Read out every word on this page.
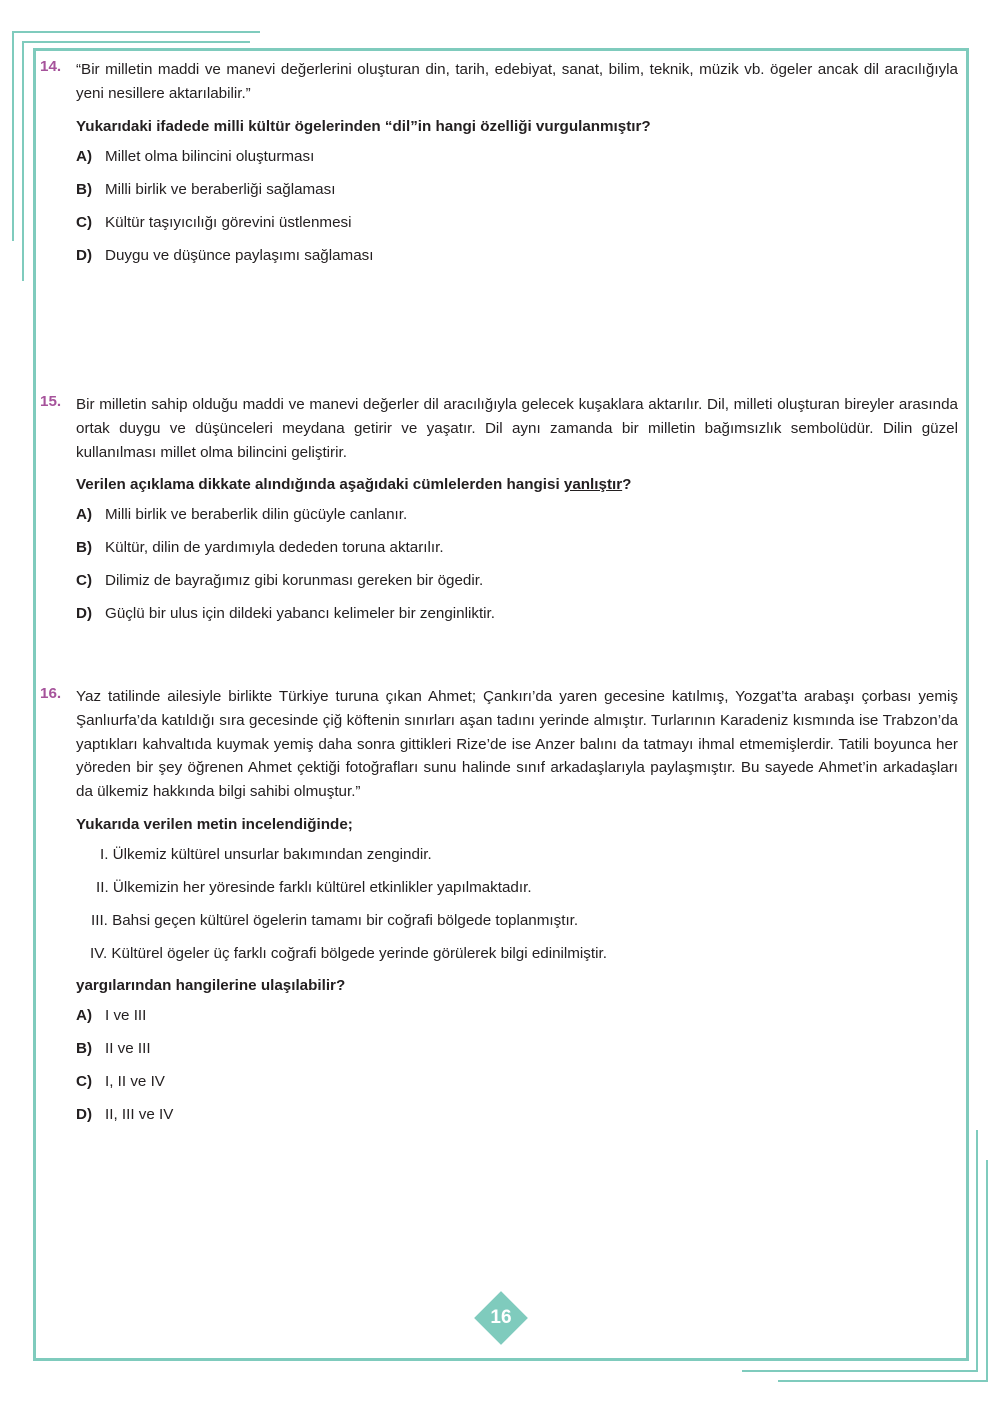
14. “Bir milletin maddi ve manevi değerlerini oluşturan din, tarih, edebiyat, sanat, bilim, teknik, müzik vb. ögeler ancak dil aracılığıyla yeni nesillere aktarılabilir.”
Yukarıdaki ifadede milli kültür ögelerinden “dil”in hangi özelliği vurgulanmıştır?
A) Millet olma bilincini oluşturması
B) Milli birlik ve beraberliği sağlaması
C) Kültür taşıyıcılığı görevini üstlenmesi
D) Duygu ve düşünce paylaşımı sağlaması
15. Bir milletin sahip olduğu maddi ve manevi değerler dil aracılığıyla gelecek kuşaklara aktarılır. Dil, milleti oluşturan bireyler arasında ortak duygu ve düşünceleri meydana getirir ve yaşatır. Dil aynı zamanda bir milletin bağımsızlık sembolüdür. Dilin güzel kullanılması millet olma bilincini geliştirir.
Verilen açıklama dikkate alındığında aşağıdaki cümlelerden hangisi yanlıştır?
A) Milli birlik ve beraberlik dilin gücüyle canlanır.
B) Kültür, dilin de yardımıyla dededen toruna aktarılır.
C) Dilimiz de bayrağımız gibi korunması gereken bir ögedir.
D) Güçlü bir ulus için dildeki yabancı kelimeler bir zenginliktir.
16. Yaz tatilinde ailesiyle birlikte Türkiye turuna çıkan Ahmet; Çankırı’da yaren gecesine katılmış, Yozgat’ta arabaşı çorbası yemiş Şanlıurfa’da katıldığı sıra gecesinde çiğ köftenin sınırları aşan tadını yerinde almıştır. Turlarının Karadeniz kısmında ise Trabzon’da yaptıkları kahvaltıda kuymak yemiş daha sonra gittikleri Rize’de ise Anzer balını da tatmayı ihmal etmemişlerdir. Tatili boyunca her yöreden bir şey öğrenen Ahmet çektiği fotoğrafları sunu halinde sınıf arkadaşlarıyla paylaşmıştır. Bu sayede Ahmet’in arkadaşları da ülkemiz hakkında bilgi sahibi olmuştur.”
Yukarıda verilen metin incelendiğinde;
I. Ülkemiz kültürel unsurlar bakımından zengindir.
II. Ülkemizin her yöresinde farklı kültürel etkinlikler yapılmaktadır.
III. Bahsi geçen kültürel ögelerin tamamı bir coğrafi bölgede toplanmıştır.
IV. Kültürel ögeler üç farklı coğrafi bölgede yerinde görülerek bilgi edinilmiştir.
yargılarından hangilerine ulaşılabilir?
A) I ve III
B) II ve III
C) I, II ve IV
D) II, III ve IV
16
